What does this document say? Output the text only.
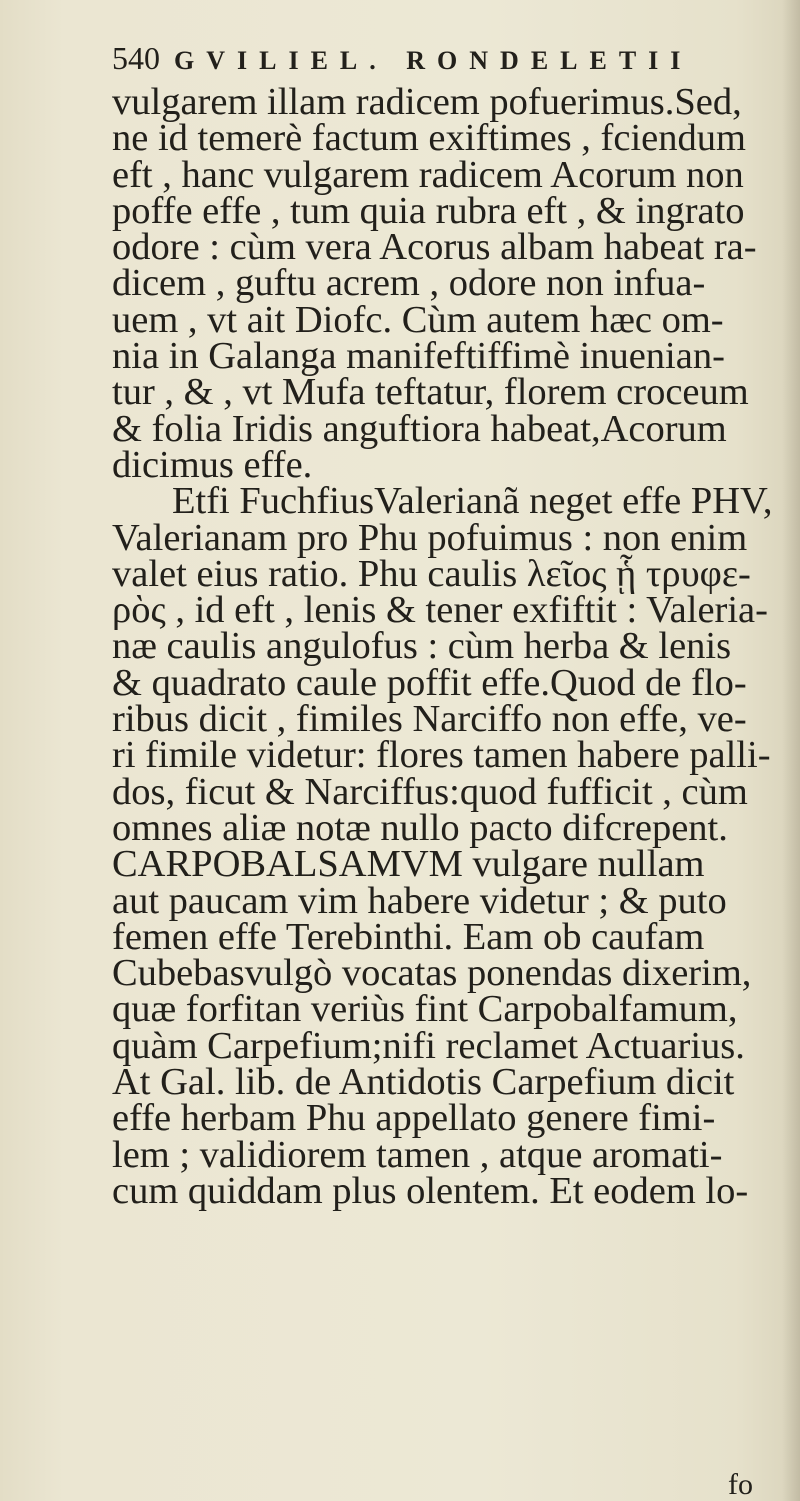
540 GVILIEL. RONDELETII
vulgarem illam radicem pofuerimus.Sed,
ne id temerè factum exiftimes , fciendum
eft , hanc vulgarem radicem Acorum non
poffe effe , tum quia rubra eft , & ingrato
odore : cùm vera Acorus albam habeat ra-
dicem , guftu acrem , odore non infua-
uem , vt ait Diofc. Cùm autem hæc om-
nia in Galanga manifeftiffimè inuenian-
tur , & , vt Mufa teftatur, florem croceum
& folia Iridis anguftiora habeat,Acorum
dicimus effe.
Etfi FuchfiusValerianã neget effe PHV,
Valerianam pro Phu pofuimus : non enim
valet eius ratio. Phu caulis λεῖος ᾗ τρυφε-
ρὸς , id eft , lenis & tener exfiftit : Valeria-
næ caulis angulofus : cùm herba & lenis
& quadrato caule poffit effe.Quod de flo-
ribus dicit , fimiles Narciffo non effe, ve-
ri fimile videtur: flores tamen habere palli-
dos, ficut & Narciffus:quod fufficit , cùm
omnes aliæ notæ nullo pacto difcrepent.
CARPOBALSAMVM vulgare nullam
aut paucam vim habere videtur ; & puto
femen effe Terebinthi. Eam ob caufam
Cubebasvulgò vocatas ponendas dixerim,
quæ forfitan veriùs fint Carpobalfamum,
quàm Carpefium;nifi reclamet Actuarius.
At Gal. lib. de Antidotis Carpefium dicit
effe herbam Phu appellato genere fimi-
lem ; validiorem tamen , atque aromati-
cum quiddam plus olentem. Et eodem lo-
fo
